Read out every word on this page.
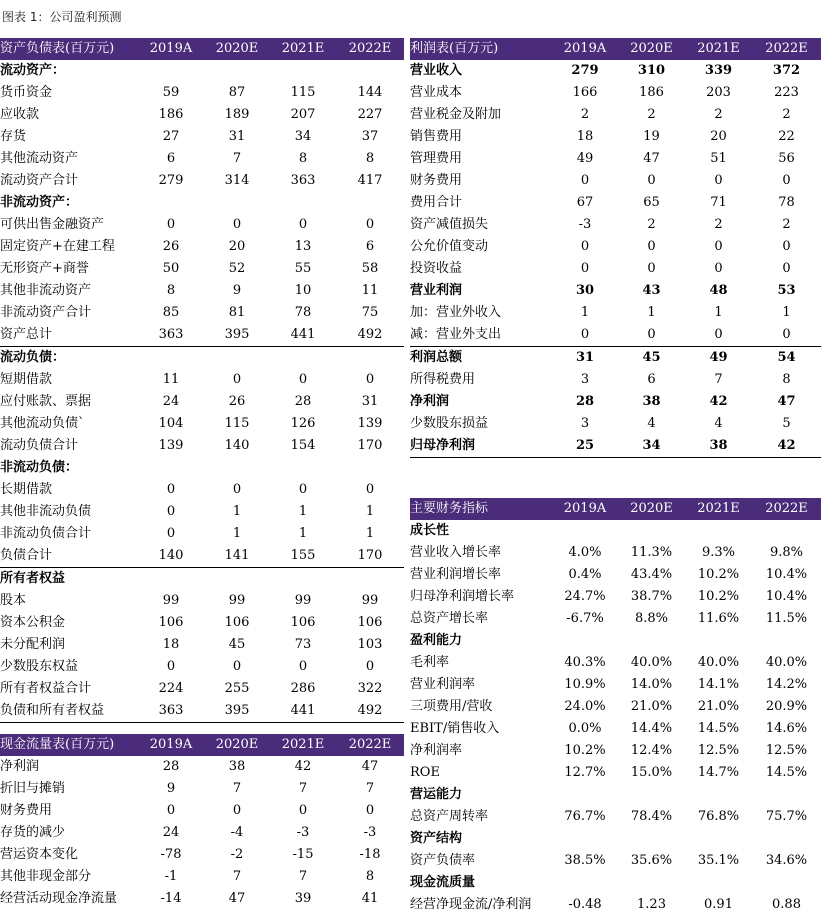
图表 1：公司盈利预测
资产负债表(百万元)	2019A	2020E	2021E	2022E
流动资产：				
货币资金	59	87	115	144
应收款	186	189	207	227
存货	27	31	34	37
其他流动资产	6	7	8	8
流动资产合计	279	314	363	417
非流动资产：				
可供出售金融资产	0	0	0	0
固定资产+在建工程	26	20	13	6
无形资产+商誉	50	52	55	58
其他非流动资产	8	9	10	11
非流动资产合计	85	81	78	75
资产总计	363	395	441	492
流动负债：				
短期借款	11	0	0	0
应付账款、票据	24	26	28	31
其他流动负债`	104	115	126	139
流动负债合计	139	140	154	170
非流动负债：				
长期借款	0	0	0	0
其他非流动负债	0	1	1	1
非流动负债合计	0	1	1	1
负债合计	140	141	155	170
所有者权益				
股本	99	99	99	99
资本公积金	106	106	106	106
未分配利润	18	45	73	103
少数股东权益	0	0	0	0
所有者权益合计	224	255	286	322
负债和所有者权益	363	395	441	492
现金流量表(百万元)	2019A	2020E	2021E	2022E
净利润	28	38	42	47
折旧与摊销	9	7	7	7
财务费用	0	0	0	0
存货的减少	24	-4	-3	-3
营运资本变化	-78	-2	-15	-18
其他非现金部分	-1	7	7	8
经营活动现金净流量	-14	47	39	41
利润表(百万元)	2019A	2020E	2021E	2022E
营业收入	279	310	339	372
营业成本	166	186	203	223
营业税金及附加	2	2	2	2
销售费用	18	19	20	22
管理费用	49	47	51	56
财务费用	0	0	0	0
费用合计	67	65	71	78
资产减值损失	-3	2	2	2
公允价值变动	0	0	0	0
投资收益	0	0	0	0
营业利润	30	43	48	53
加：营业外收入	1	1	1	1
减：营业外支出	0	0	0	0
利润总额	31	45	49	54
所得税费用	3	6	7	8
净利润	28	38	42	47
少数股东损益	3	4	4	5
归母净利润	25	34	38	42
主要财务指标	2019A	2020E	2021E	2022E
成长性				
营业收入增长率	4.0%	11.3%	9.3%	9.8%
营业利润增长率	0.4%	43.4%	10.2%	10.4%
归母净利润增长率	24.7%	38.7%	10.2%	10.4%
总资产增长率	-6.7%	8.8%	11.6%	11.5%
盈利能力				
毛利率	40.3%	40.0%	40.0%	40.0%
营业利润率	10.9%	14.0%	14.1%	14.2%
三项费用/营收	24.0%	21.0%	21.0%	20.9%
EBIT/销售收入	0.0%	14.4%	14.5%	14.6%
净利润率	10.2%	12.4%	12.5%	12.5%
ROE	12.7%	15.0%	14.7%	14.5%
营运能力				
总资产周转率	76.7%	78.4%	76.8%	75.7%
资产结构				
资产负债率	38.5%	35.6%	35.1%	34.6%
现金流质量				
经营净现金流/净利润	-0.48	1.23	0.91	0.88
